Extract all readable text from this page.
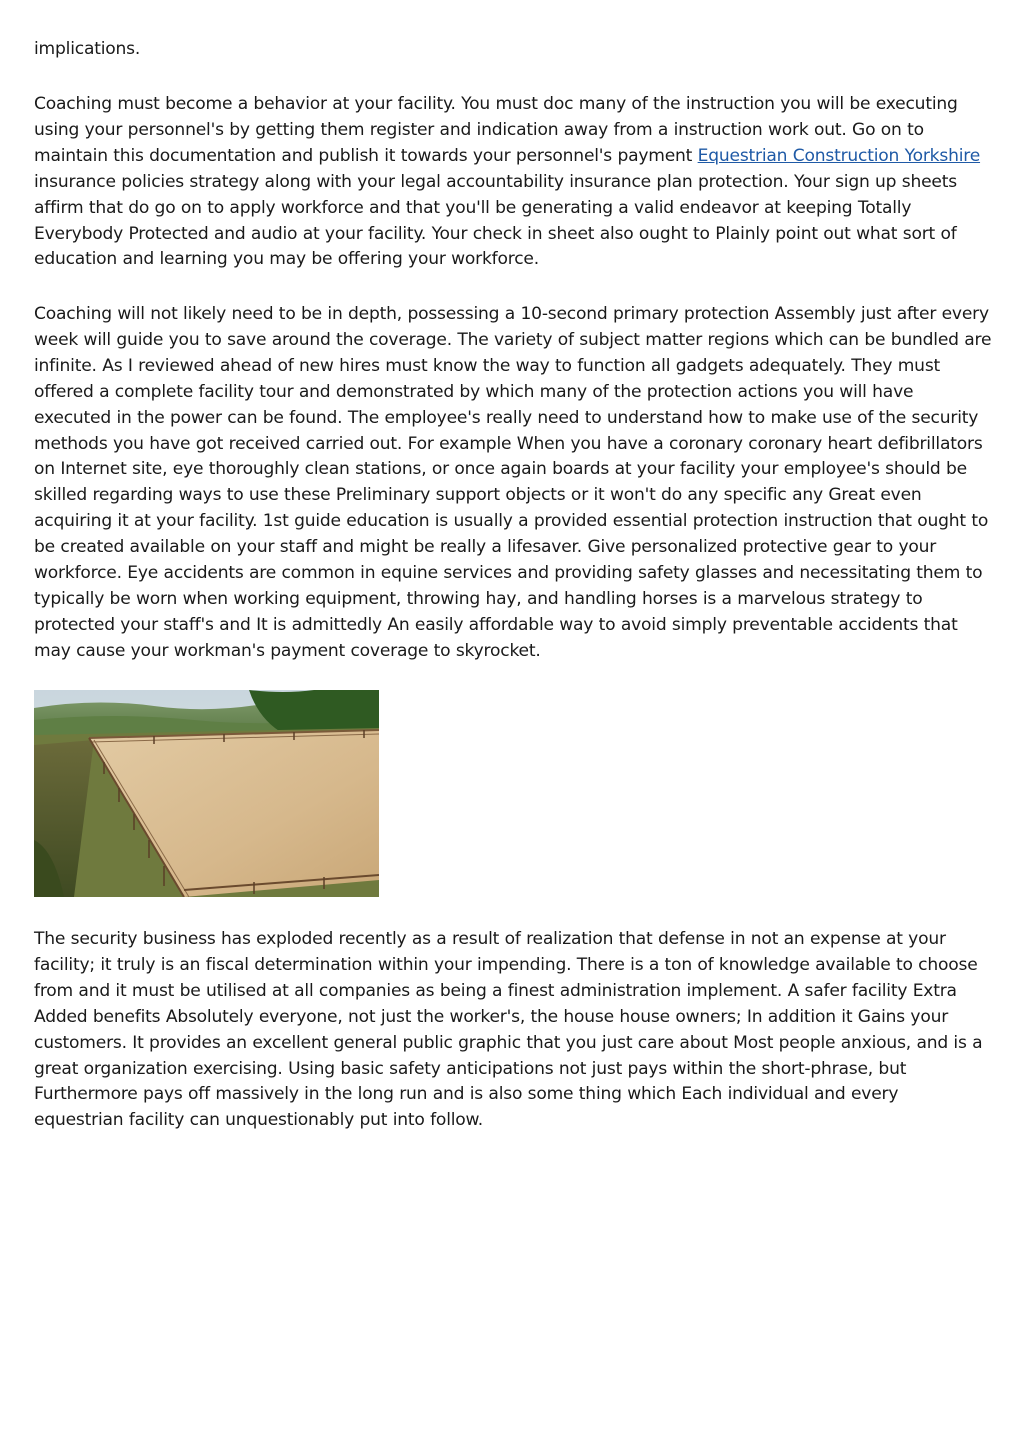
implications.

Coaching must become a behavior at your facility. You must doc many of the instruction you will be executing using your personnel's by getting them register and indication away from a instruction work out. Go on to maintain this documentation and publish it towards your personnel's payment Equestrian Construction Yorkshire insurance policies strategy along with your legal accountability insurance plan protection. Your sign up sheets affirm that do go on to apply workforce and that you'll be generating a valid endeavor at keeping Totally Everybody Protected and audio at your facility. Your check in sheet also ought to Plainly point out what sort of education and learning you may be offering your workforce.

Coaching will not likely need to be in depth, possessing a 10-second primary protection Assembly just after every week will guide you to save around the coverage. The variety of subject matter regions which can be bundled are infinite. As I reviewed ahead of new hires must know the way to function all gadgets adequately. They must offered a complete facility tour and demonstrated by which many of the protection actions you will have executed in the power can be found. The employee's really need to understand how to make use of the security methods you have got received carried out. For example When you have a coronary coronary heart defibrillators on Internet site, eye thoroughly clean stations, or once again boards at your facility your employee's should be skilled regarding ways to use these Preliminary support objects or it won't do any specific any Great even acquiring it at your facility. 1st guide education is usually a provided essential protection instruction that ought to be created available on your staff and might be really a lifesaver. Give personalized protective gear to your workforce. Eye accidents are common in equine services and providing safety glasses and necessitating them to typically be worn when working equipment, throwing hay, and handling horses is a marvelous strategy to protected your staff's and It is admittedly An easily affordable way to avoid simply preventable accidents that may cause your workman's payment coverage to skyrocket.

The security business has exploded recently as a result of realization that defense in not an expense at your facility; it truly is an fiscal determination within your impending. There is a ton of knowledge available to choose from and it must be utilised at all companies as being a finest administration implement. A safer facility Extra Added benefits Absolutely everyone, not just the worker's, the house house owners; In addition it Gains your customers. It provides an excellent general public graphic that you just care about Most people anxious, and is a great organization exercising. Using basic safety anticipations not just pays within the short-phrase, but Furthermore pays off massively in the long run and is also some thing which Each individual and every equestrian facility can unquestionably put into follow.
